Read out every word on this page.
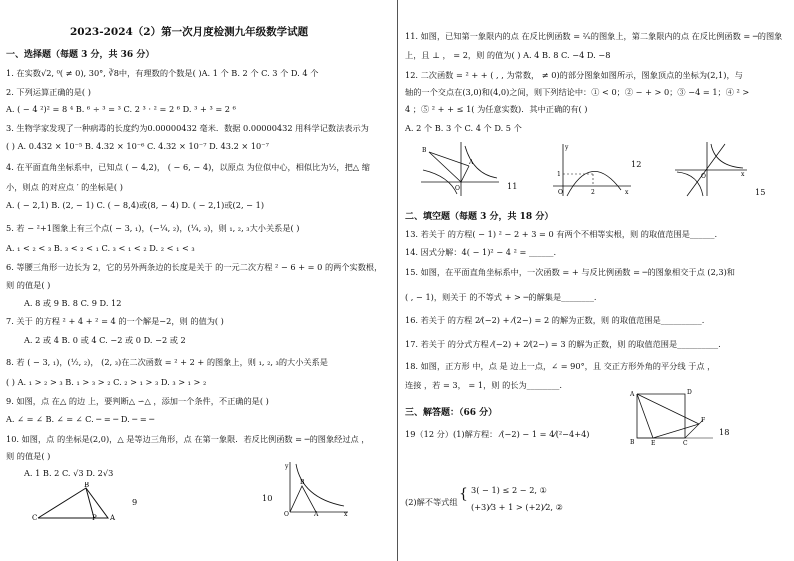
2023-2024（2）第一次月度检测九年级数学试题
一、选择题（每题 3 分，共 36 分）
1. 在实数√2, ⁰( ≠ 0), 30°, ∛8中，有理数的个数是( )A. 1 个 B. 2 个 C. 3 个 D. 4 个
2. 下列运算正确的是( )
A. ( − 4 ²)² = 8 ⁴ B. ⁶ ÷ ³ = ³ C. 2 ³ · ² = 2 ⁶ D. ³ + ³ = 2 ⁶
3. 生物学家发现了一种病毒的长度约为0.00000432 毫米．数据 0.00000432 用科学记数法表示为
( ) A. 0.432 × 10⁻⁵ B. 4.32 × 10⁻⁶ C. 4.32 × 10⁻⁷ D. 43.2 × 10⁻⁷
4. 在平面直角坐标系中，已知点 ( − 4,2)， ( − 6, − 4)，以原点 为位似中心，相似比为½，把△ 缩
小，则点 的对应点 ′ 的坐标是( )
A. ( − 2,1) B. (2, − 1) C. ( − 8,4)或(8, − 4) D. ( − 2,1)或(2, − 1)
5. 若 − ²+1图象上有三个点( − 3, ₁)，(−¼, ₂)，(¼, ₃)，则 ₁, ₂, ₃大小关系是( )
A. ₁ < ₂ < ₃ B. ₃ < ₂ < ₁ C. ₃ < ₁ < ₂ D. ₂ < ₁ < ₃
6. 等腰三角形一边长为 2，它的另外两条边的长度是关于 的一元二次方程 ² − 6 + = 0 的两个实数根，
则 的值是( )
A. 8 或 9 B. 8 C. 9 D. 12
7. 关于 的方程 ² + 4 + ² = 4 的一个解是−2，则 的值为( )
A. 2 或 4 B. 0 或 4 C. −2 或 0 D. −2 或 2
8. 若 ( − 3, ₁)，(½, ₂)， (2, ₃)在二次函数 = ² + 2 + 的图象上，则 ₁, ₂, ₃的大小关系是
( ) A. ₁ > ₂ > ₃ B. ₁ > ₃ > ₂ C. ₂ > ₁ > ₃ D. ₃ > ₁ > ₂
9. 如图，点 在△ 的边 上，要判断△ ∽△ ，添加一个条件，不正确的是( )
A. ∠ = ∠ B. ∠ = ∠ C. ─ = ─ D. ─ = ─
10. 如图，点 的坐标是(2,0)，△ 是等边三角形，点 在第一象限．若反比例函数 = ─的图象经过点 ，
则 的值是( )
A. 1 B. 2 C. √3 D. 2√3
B
C	P A
9	10
y
O
B
A	x
11. 如图，已知第一象限内的点 在反比例函数 = ²⁄ₓ的图象上，第二象限内的点 在反比例函数 = ─的图象
上，且 ⊥ ， = 2，则 的值为( ) A. 4 B. 8 C. −4 D. −8
12. 二次函数 = ² + + ( , , 为常数， ≠ 0)的部分图象如图所示，图象顶点的坐标为(2,1)，与
轴的一个交点在(3,0)和(4,0)之间，则下列结论中：① < 0；② − + > 0；③ −4 = 1；④ ² >
4 ；⑤ ² + + ≤ 1( 为任意实数)．其中正确的有( )
A. 2 个 B. 3 个 C. 4 个 D. 5 个
B
A
O	11
1
y
O	2	x
12
x
O
15
二、填空题（每题 3 分，共 18 分）
13. 若关于 的方程( − 1) ² − 2 + 3 = 0 有两个不相等实根，则 的取值范围是______.
14. 因式分解：4( − 1)² − 4 ² = ______.
15. 如图，在平面直角坐标系中，一次函数 = + 与反比例函数 = ─的图象相交于点 (2,3)和
( , − 1)，则关于 的不等式 + > ─的解集是________.
16. 若关于 的方程 2⁄(−2) + ⁄(2−) = 2 的解为正数，则 的取值范围是__________.
17. 若关于 的分式方程 ⁄(−2) + 2⁄(2−) = 3 的解为正数，则 的取值范围是__________.
18. 如图，正方形 中，点 是 边上一点，∠ = 90°，且 交正方形外角的平分线 于点 ，
连接 ，若 = 3， = 1，则 的长为________.
三、解答题：（66 分）
19（12 分）(1)解方程： ⁄(−2) − 1 = 4⁄(²−4+4)
(2)解不等式组 { 3( − 1) ≤ 2 − 2, ①
(+3)⁄3 + 1 > (+2)⁄2, ②
A	D
F
B	E	C
18
